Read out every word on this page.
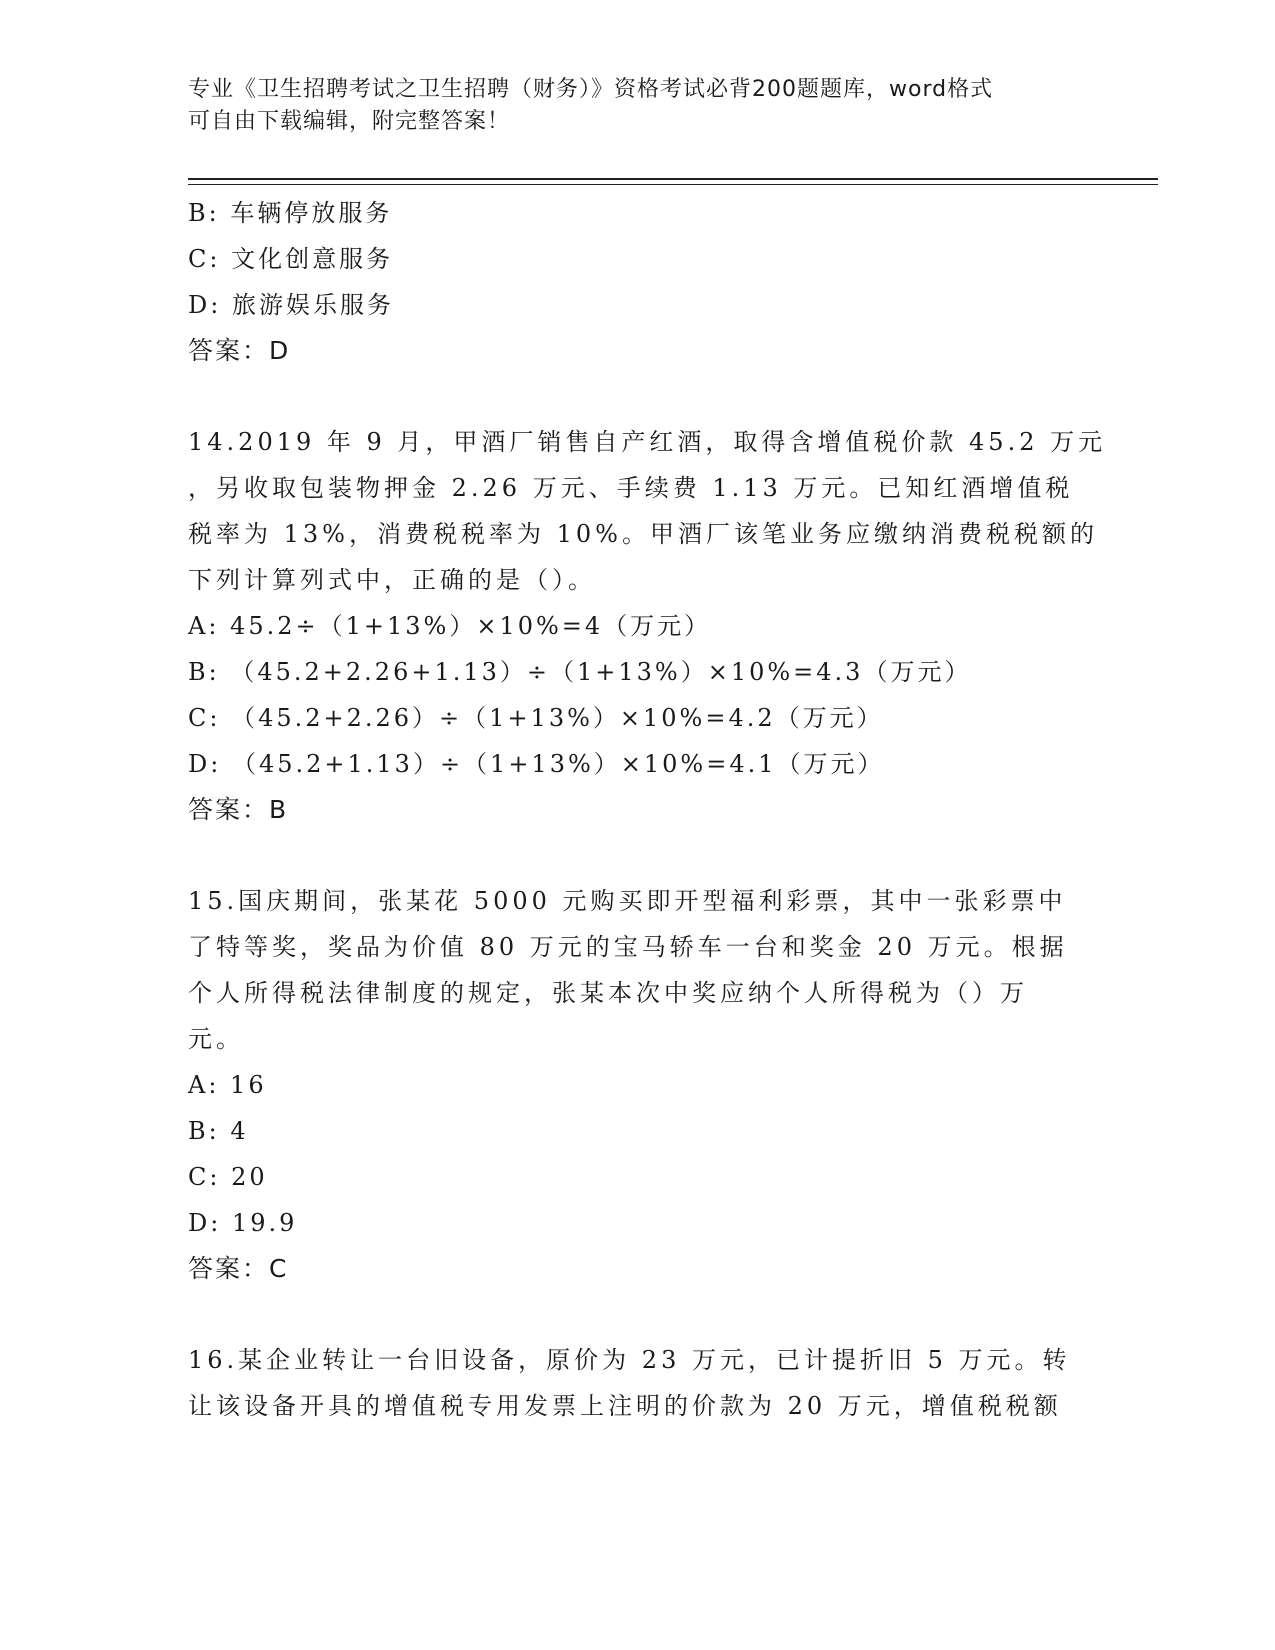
专业《卫生招聘考试之卫生招聘（财务）》资格考试必背200题题库，word格式
可自由下载编辑，附完整答案！
B: 车辆停放服务
C: 文化创意服务
D: 旅游娱乐服务
答案：D
14.2019 年 9 月，甲酒厂销售自产红酒，取得含增值税价款 45.2 万元
，另收取包装物押金 2.26 万元、手续费 1.13 万元。已知红酒增值税
税率为 13%，消费税税率为 10%。甲酒厂该笔业务应缴纳消费税税额的
下列计算列式中，正确的是（）。
A: 45.2÷（1+13%）×10%=4（万元）
B: （45.2+2.26+1.13）÷（1+13%）×10%=4.3（万元）
C: （45.2+2.26）÷（1+13%）×10%=4.2（万元）
D: （45.2+1.13）÷（1+13%）×10%=4.1（万元）
答案：B
15.国庆期间，张某花 5000 元购买即开型福利彩票，其中一张彩票中
了特等奖，奖品为价值 80 万元的宝马轿车一台和奖金 20 万元。根据
个人所得税法律制度的规定，张某本次中奖应纳个人所得税为（）万
元。
A: 16
B: 4
C: 20
D: 19.9
答案：C
16.某企业转让一台旧设备，原价为 23 万元，已计提折旧 5 万元。转
让该设备开具的增值税专用发票上注明的价款为 20 万元，增值税税额
